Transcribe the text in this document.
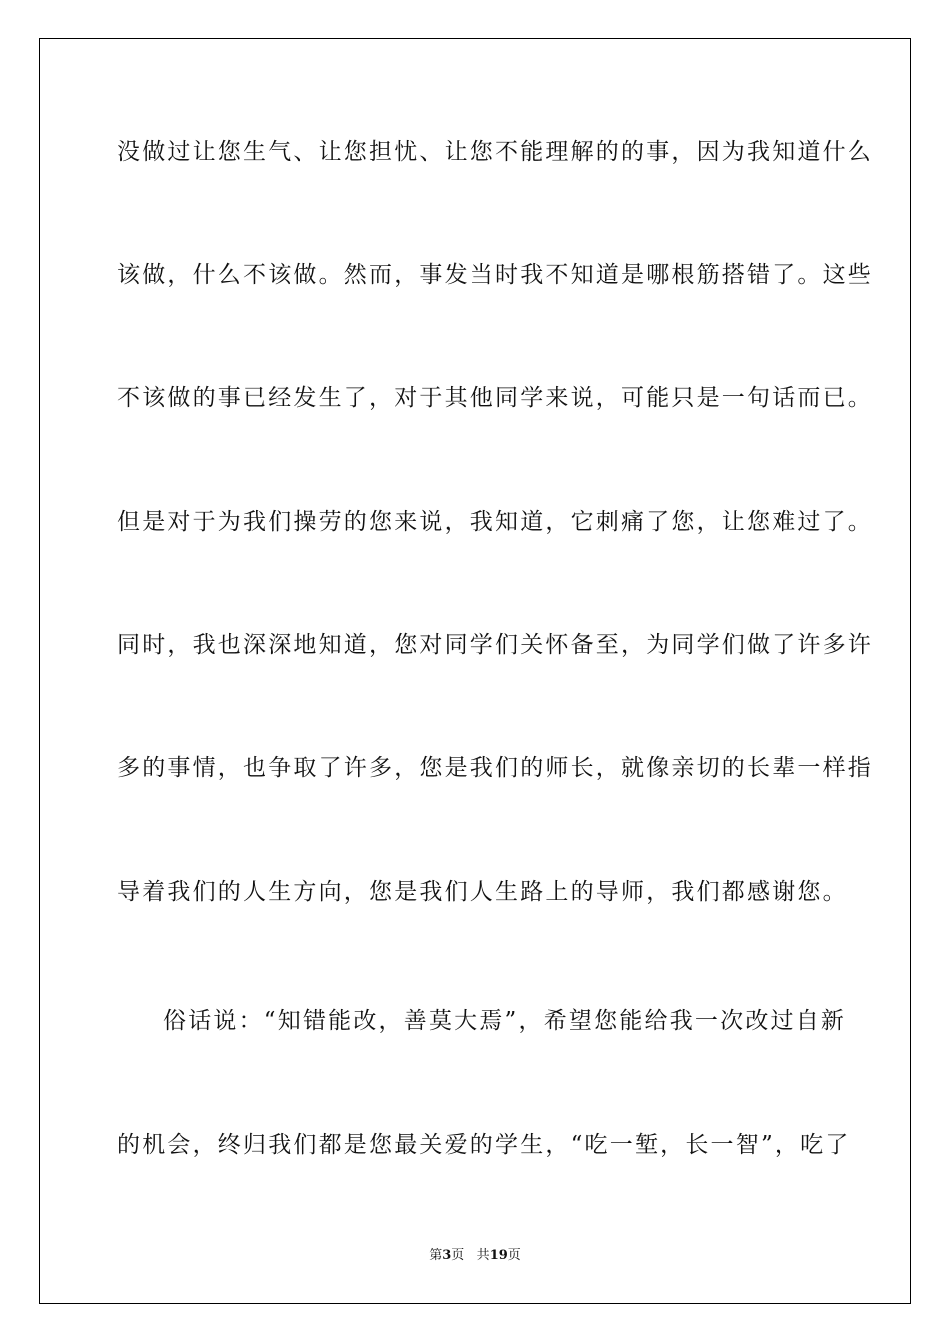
没做过让您生气、让您担忧、让您不能理解的的事，因为我知道什么
该做，什么不该做。然而，事发当时我不知道是哪根筋搭错了。这些
不该做的事已经发生了，对于其他同学来说，可能只是一句话而已。
但是对于为我们操劳的您来说，我知道，它刺痛了您，让您难过了。
同时，我也深深地知道，您对同学们关怀备至，为同学们做了许多许
多的事情，也争取了许多，您是我们的师长，就像亲切的长辈一样指
导着我们的人生方向，您是我们人生路上的导师，我们都感谢您。
俗话说：“知错能改，善莫大焉”，希望您能给我一次改过自新
的机会，终归我们都是您最关爱的学生，“吃一堑，长一智”，吃了
第3页 共19页
